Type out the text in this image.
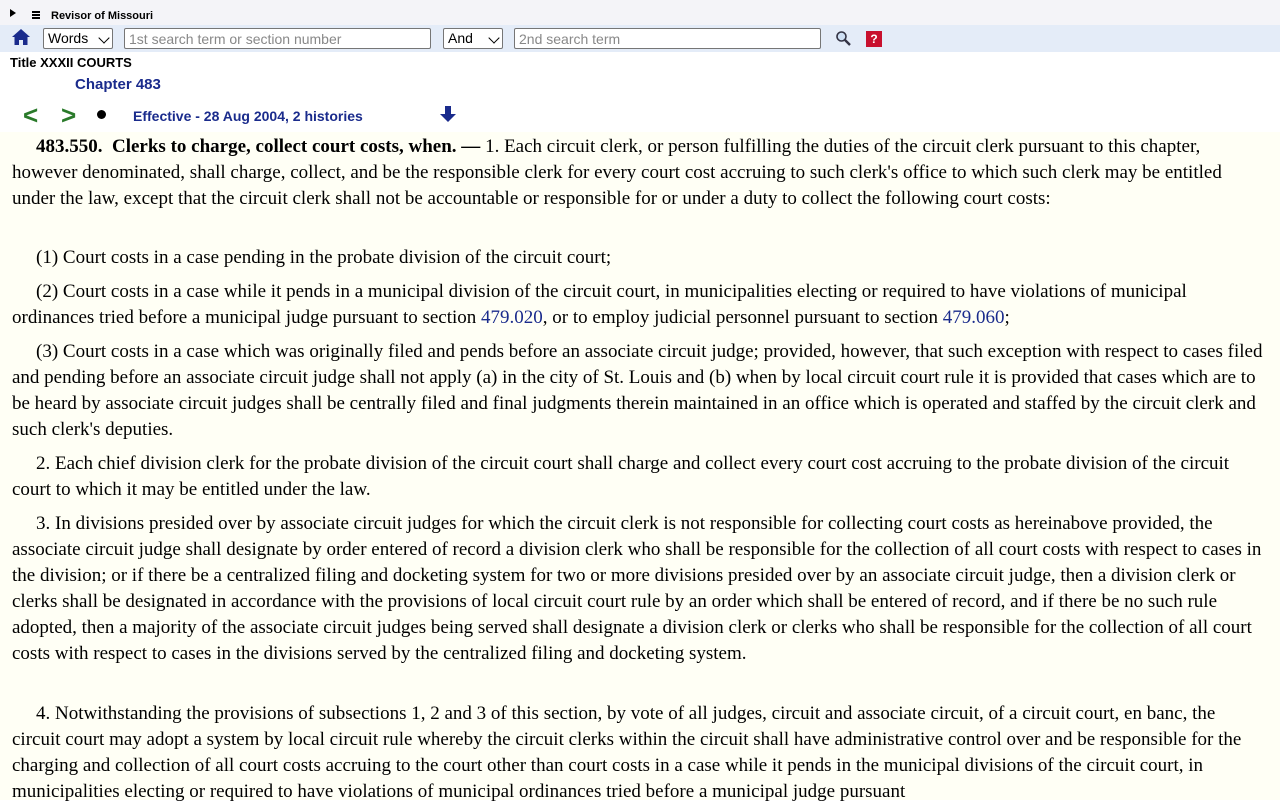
Revisor of Missouri
Words
1st search term or section number	And
2nd search term	?
Title XXXII COURTS
Chapter 483
< >	Effective - 28 Aug 2004, 2 histories

483.550. Clerks to charge, collect court costs, when. — 1. Each circuit clerk, or person fulfilling the duties of the circuit clerk pursuant to this chapter, however denominated, shall charge, collect, and be the responsible clerk for every court cost accruing to such clerk's office to which such clerk may be entitled under the law, except that the circuit clerk shall not be accountable or responsible for or under a duty to collect the following court costs:

(1) Court costs in a case pending in the probate division of the circuit court;

(2) Court costs in a case while it pends in a municipal division of the circuit court, in municipalities electing or required to have violations of municipal ordinances tried before a municipal judge pursuant to section 479.020, or to employ judicial personnel pursuant to section 479.060;

(3) Court costs in a case which was originally filed and pends before an associate circuit judge; provided, however, that such exception with respect to cases filed and pending before an associate circuit judge shall not apply (a) in the city of St. Louis and (b) when by local circuit court rule it is provided that cases which are to be heard by associate circuit judges shall be centrally filed and final judgments therein maintained in an office which is operated and staffed by the circuit clerk and such clerk's deputies.

2. Each chief division clerk for the probate division of the circuit court shall charge and collect every court cost accruing to the probate division of the circuit court to which it may be entitled under the law.

3. In divisions presided over by associate circuit judges for which the circuit clerk is not responsible for collecting court costs as hereinabove provided, the associate circuit judge shall designate by order entered of record a division clerk who shall be responsible for the collection of all court costs with respect to cases in the division; or if there be a centralized filing and docketing system for two or more divisions presided over by an associate circuit judge, then a division clerk or clerks shall be designated in accordance with the provisions of local circuit court rule by an order which shall be entered of record, and if there be no such rule adopted, then a majority of the associate circuit judges being served shall designate a division clerk or clerks who shall be responsible for the collection of all court costs with respect to cases in the divisions served by the centralized filing and docketing system.

4. Notwithstanding the provisions of subsections 1, 2 and 3 of this section, by vote of all judges, circuit and associate circuit, of a circuit court, en banc, the circuit court may adopt a system by local circuit rule whereby the circuit clerks within the circuit shall have administrative control over and be responsible for the charging and collection of all court costs accruing to the court other than court costs in a case while it pends in the municipal divisions of the circuit court, in municipalities electing or required to have violations of municipal ordinances tried before a municipal judge pursuant
